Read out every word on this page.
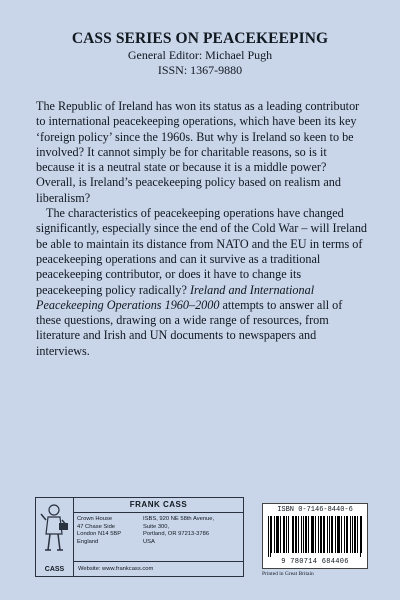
CASS SERIES ON PEACEKEEPING
General Editor: Michael Pugh
ISSN: 1367-9880

The Republic of Ireland has won its status as a leading contributor to international peacekeeping operations, which have been its key ‘foreign policy’ since the 1960s. But why is Ireland so keen to be involved? It cannot simply be for charitable reasons, so is it because it is a neutral state or because it is a middle power? Overall, is Ireland’s peacekeeping policy based on realism and liberalism?

The characteristics of peacekeeping operations have changed significantly, especially since the end of the Cold War – will Ireland be able to maintain its distance from NATO and the EU in terms of peacekeeping operations and can it survive as a traditional peacekeeping contributor, or does it have to change its peacekeeping policy radically? Ireland and International Peacekeeping Operations 1960–2000 attempts to answer all of these questions, drawing on a wide range of resources, from literature and Irish and UN documents to newspapers and interviews.

CASS
FRANK CASS
Crown House
47 Chase Side
London N14 5BP
England
ISBS, 920 NE 58th Avenue,
Suite 300,
Portland, OR 97213-3786
USA
Website: www.frankcass.com
ISBN 0-7146-8440-6
9 780714 684406
Printed in Great Britain
